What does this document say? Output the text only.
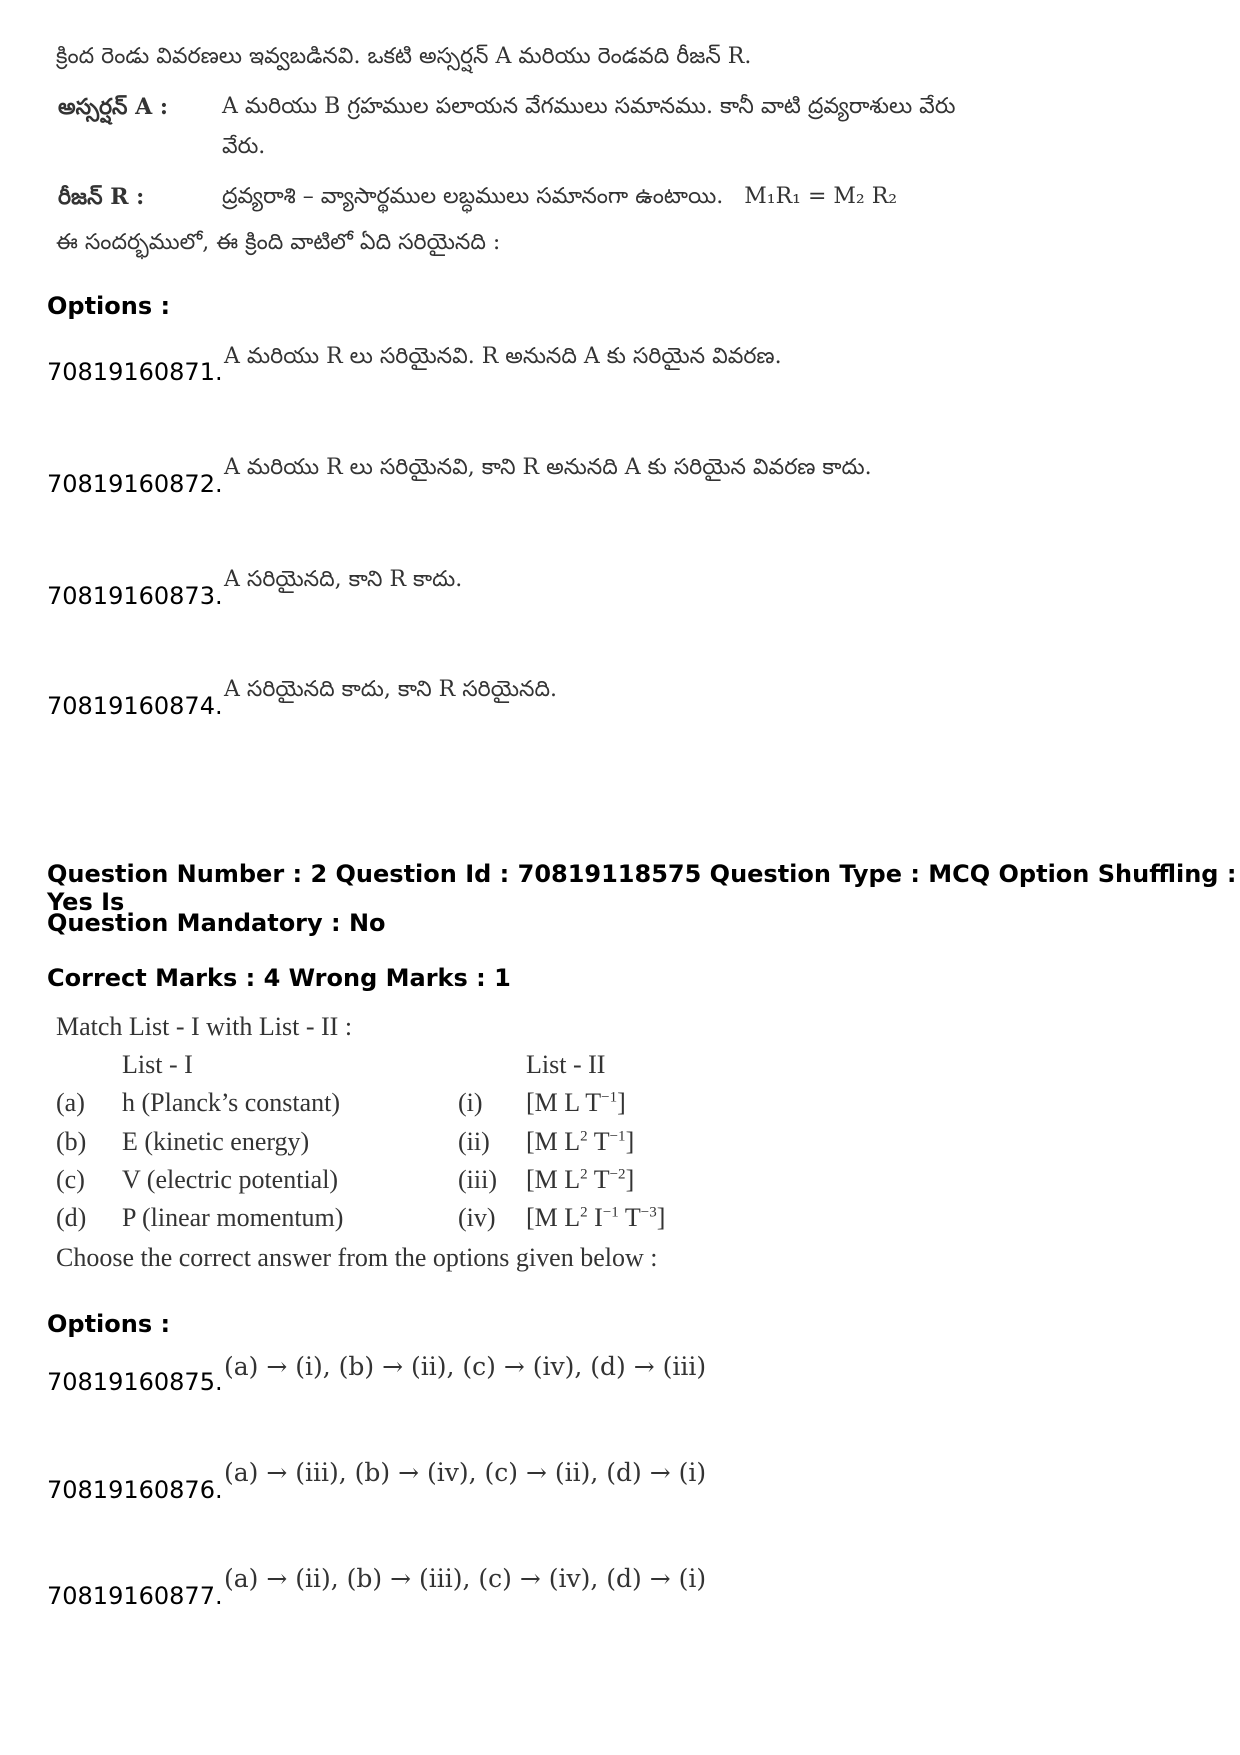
క్రింద రెండు వివరణలు ఇవ్వబడినవి. ఒకటి అస్సర్షన్ A మరియు రెండవది రీజన్ R.
అస్సర్షన్ A : A మరియు B గ్రహముల పలాయన వేగములు సమానము. కానీ వాటి ద్రవ్యరాశులు వేరు
వేరు.
రీజన్ R :	ద్రవ్యరాశి – వ్యాసార్థముల లబ్ధములు సమానంగా ఉంటాయి. M₁R₁ = M₂ R₂
ఈ సందర్భములో, ఈ క్రింది వాటిలో ఏది సరియైనది :
Options :
70819160871.
A మరియు R లు సరియైనవి. R అనునది A కు సరియైన వివరణ.
70819160872.
A మరియు R లు సరియైనవి, కాని R అనునది A కు సరియైన వివరణ కాదు.
70819160873.
A సరియైనది, కాని R కాదు.
70819160874.
A సరియైనది కాదు, కాని R సరియైనది.
Question Number : 2 Question Id : 70819118575 Question Type : MCQ Option Shuffling : Yes Is
Question Mandatory : No
Correct Marks : 4 Wrong Marks : 1
Match List - I with List - II :
List - I	List - II
(a) h (Planck’s constant)	(i) [M L $T^{-1}$]
(b) E (kinetic energy)	(ii) [M $L^2$ $T^{-1}$]
(c) V (electric potential)	(iii) [M $L^2$ $T^{-2}$]
(d) P (linear momentum)	(iv) [M $L^2$ $I^{-1}$ $T^{-3}$]
Choose the correct answer from the options given below :
Options :
70819160875.
(a) → (i), (b) → (ii), (c) → (iv), (d) → (iii)
70819160876.
(a) → (iii), (b) → (iv), (c) → (ii), (d) → (i)
70819160877.
(a) → (ii), (b) → (iii), (c) → (iv), (d) → (i)
